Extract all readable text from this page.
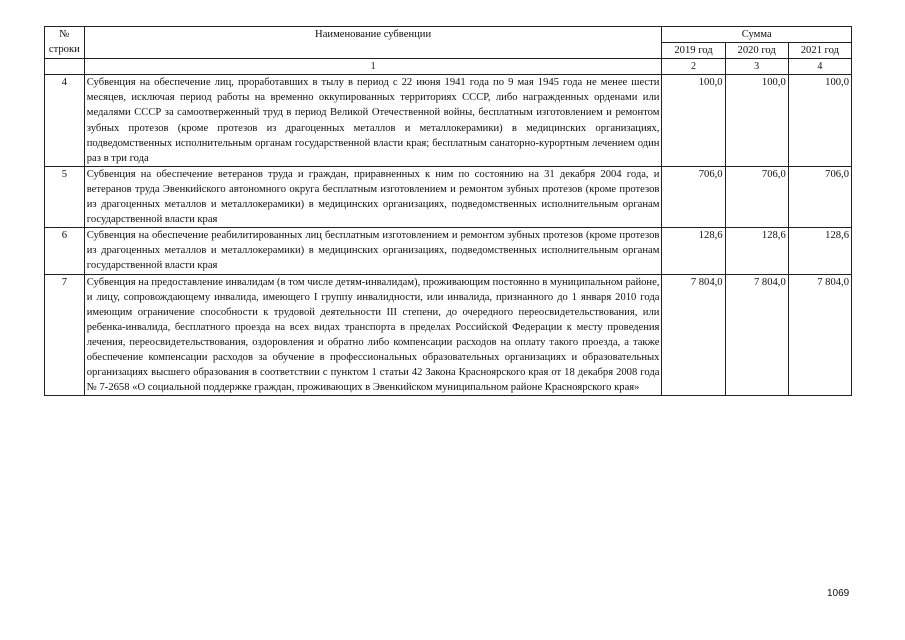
№
строки	Наименование субвенции	Сумма		
		2019 год	2020 год	2021 год
	1	2	3	4
4	Субвенция на обеспечение лиц, проработавших в тылу в период с 22 июня 1941 года по 9 мая 1945 года не менее шести месяцев, исключая период работы на временно оккупированных территориях СССР, либо награжденных орденами или медалями СССР за самоотверженный труд в период Великой Отечественной войны, бесплатным изготовлением и ремонтом зубных протезов (кроме протезов из драгоценных металлов и металлокерамики) в медицинских организациях, подведомственных исполнительным органам государственной власти края; бесплатным санаторно-курортным лечением один раз в три года	100,0	100,0	100,0
5	Субвенция на обеспечение ветеранов труда и граждан, приравненных к ним по состоянию на 31 декабря 2004 года, и ветеранов труда Эвенкийского автономного округа бесплатным изготовлением и ремонтом зубных протезов (кроме протезов из драгоценных металлов и металлокерамики) в медицинских организациях, подведомственных исполнительным органам государственной власти края	706,0	706,0	706,0
6	Субвенция на обеспечение реабилитированных лиц бесплатным изготовлением и ремонтом зубных протезов (кроме протезов из драгоценных металлов и металлокерамики) в медицинских организациях, подведомственных исполнительным органам государственной власти края	128,6	128,6	128,6
7	Субвенция на предоставление инвалидам (в том числе детям-инвалидам), проживающим постоянно в муниципальном районе, и лицу, сопровождающему инвалида, имеющего I группу инвалидности, или инвалида, признанного до 1 января 2010 года имеющим ограничение способности к трудовой деятельности III степени, до очередного переосвидетельствования, или ребенка-инвалида, бесплатного проезда на всех видах транспорта в пределах Российской Федерации к месту проведения лечения, переосвидетельствования, оздоровления и обратно либо компенсации расходов на оплату такого проезда, а также обеспечение компенсации расходов за обучение в профессиональных образовательных организациях и образовательных организациях высшего образования в соответствии с пунктом 1 статьи 42 Закона Красноярского края от 18 декабря 2008 года № 7-2658 «О социальной поддержке граждан, проживающих в Эвенкийском муниципальном районе Красноярского края»	7 804,0	7 804,0	7 804,0
1069
